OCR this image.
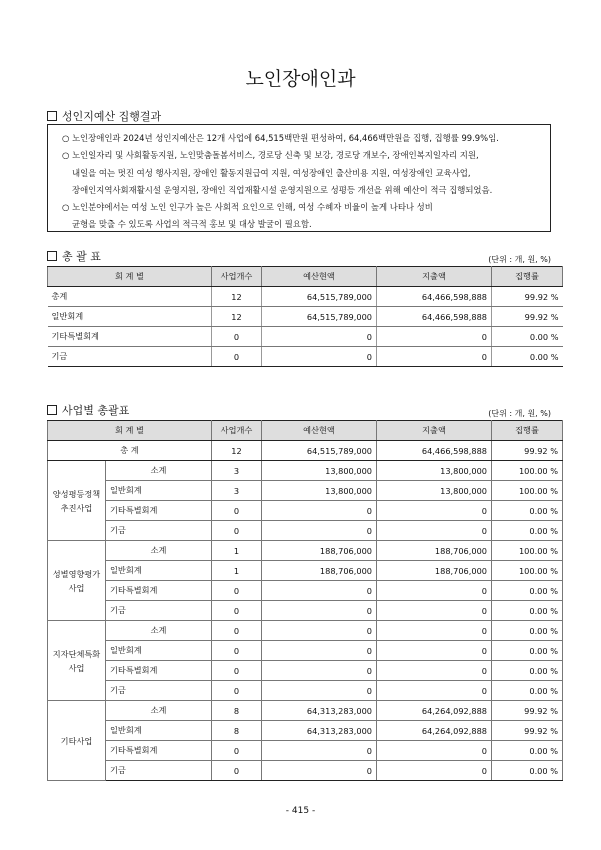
노인장애인과
성인지예산 집행결과

○ 노인장애인과 2024년 성인지예산은 12개 사업에 64,515백만원 편성하여, 64,466백만원을 집행, 집행률 99.9%임.

○ 노인일자리 및 사회활동지원, 노인맞춤돌봄서비스, 경로당 신축 및 보강, 경로당 개보수, 장애인복지일자리 지원,

내일을 여는 멋진 여성 행사지원, 장애인 활동지원급여 지원, 여성장애인 출산비용 지원, 여성장애인 교육사업,

장애인지역사회재활시설 운영지원, 장애인 직업재활시설 운영지원으로 성평등 개선을 위해 예산이 적극 집행되었음.

○ 노인분야에서는 여성 노인 인구가 높은 사회적 요인으로 인해, 여성 수혜자 비율이 높게 나타나 성비

균형을 맞출 수 있도록 사업의 적극적 홍보 및 대상 발굴이 필요함.

총 괄 표	(단위 : 개, 원, %)
회 계 별	사업개수	예산현액	지출액	집행률
총계	12	64,515,789,000	64,466,598,888	99.92 %
일반회계	12	64,515,789,000	64,466,598,888	99.92 %
기타특별회계	0	0	0	0.00 %
기금	0	0	0	0.00 %
사업별 총괄표	(단위 : 개, 원, %)
회 계 별		사업개수	예산현액	지출액	집행률
총 계		12	64,515,789,000	64,466,598,888	99.92 %
양성평등정책
추진사업	소계	3	13,800,000	13,800,000	100.00 %
	일반회계	3	13,800,000	13,800,000	100.00 %
	기타특별회계	0	0	0	0.00 %
	기금	0	0	0	0.00 %
성별영향평가
사업	소계	1	188,706,000	188,706,000	100.00 %
	일반회계	1	188,706,000	188,706,000	100.00 %
	기타특별회계	0	0	0	0.00 %
	기금	0	0	0	0.00 %
지자단체특화
사업	소계	0	0	0	0.00 %
	일반회계	0	0	0	0.00 %
	기타특별회계	0	0	0	0.00 %
	기금	0	0	0	0.00 %
기타사업	소계	8	64,313,283,000	64,264,092,888	99.92 %
	일반회계	8	64,313,283,000	64,264,092,888	99.92 %
	기타특별회계	0	0	0	0.00 %
	기금	0	0	0	0.00 %
- 415 -
